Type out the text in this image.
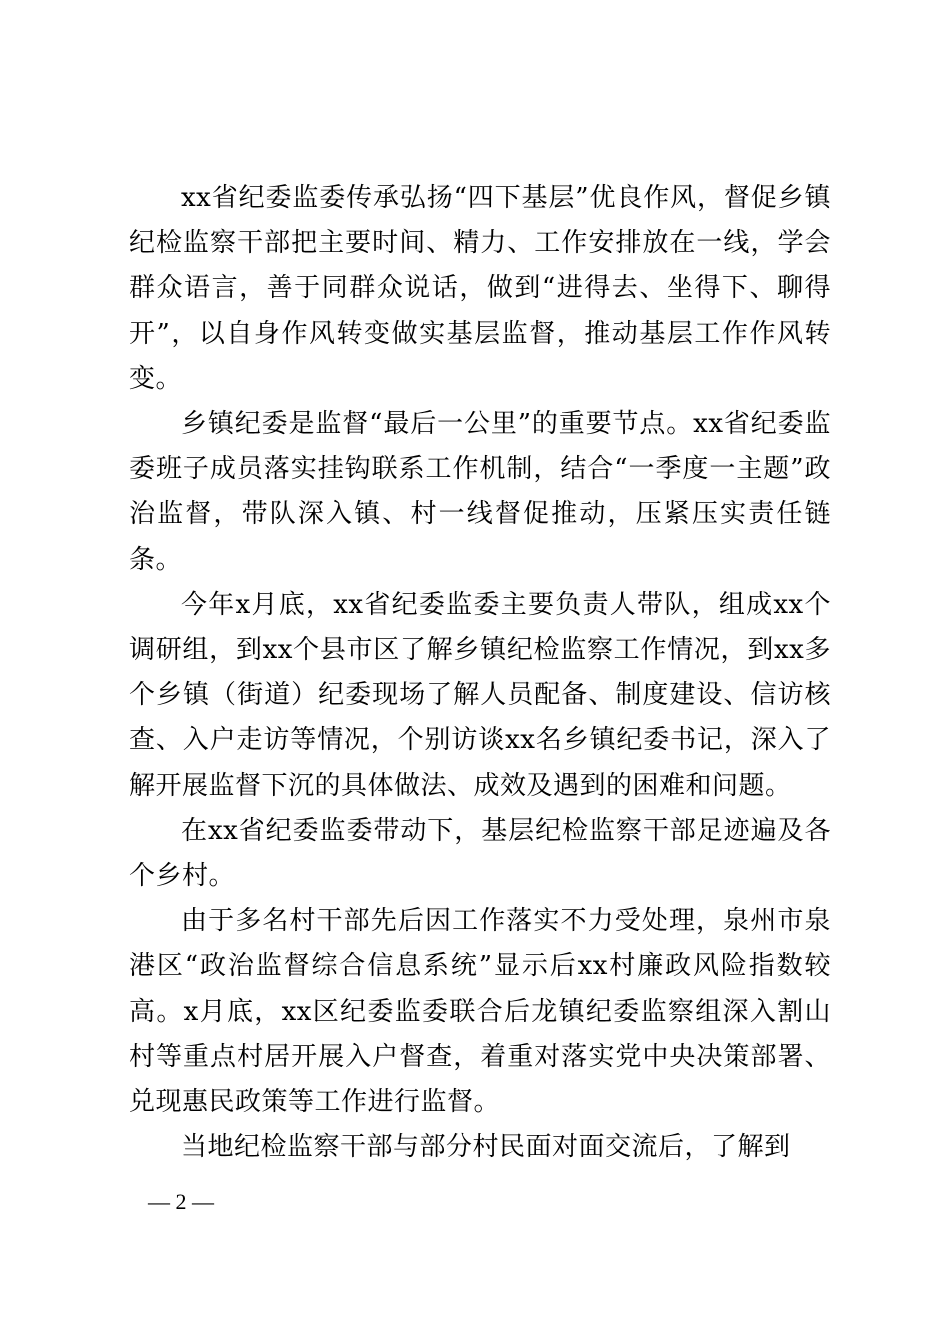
xx省纪委监委传承弘扬“四下基层”优良作风，督促乡镇纪检监察干部把主要时间、精力、工作安排放在一线，学会群众语言，善于同群众说话，做到“进得去、坐得下、聊得开”，以自身作风转变做实基层监督，推动基层工作作风转变。

乡镇纪委是监督“最后一公里”的重要节点。xx省纪委监委班子成员落实挂钩联系工作机制，结合“一季度一主题”政治监督，带队深入镇、村一线督促推动，压紧压实责任链条。

今年x月底，xx省纪委监委主要负责人带队，组成xx个调研组，到xx个县市区了解乡镇纪检监察工作情况，到xx多个乡镇（街道）纪委现场了解人员配备、制度建设、信访核查、入户走访等情况，个别访谈xx名乡镇纪委书记，深入了解开展监督下沉的具体做法、成效及遇到的困难和问题。

在xx省纪委监委带动下，基层纪检监察干部足迹遍及各个乡村。

由于多名村干部先后因工作落实不力受处理，泉州市泉港区“政治监督综合信息系统”显示后xx村廉政风险指数较高。x月底，xx区纪委监委联合后龙镇纪委监察组深入割山村等重点村居开展入户督查，着重对落实党中央决策部署、兑现惠民政策等工作进行监督。

当地纪检监察干部与部分村民面对面交流后，了解到

— 2 —
